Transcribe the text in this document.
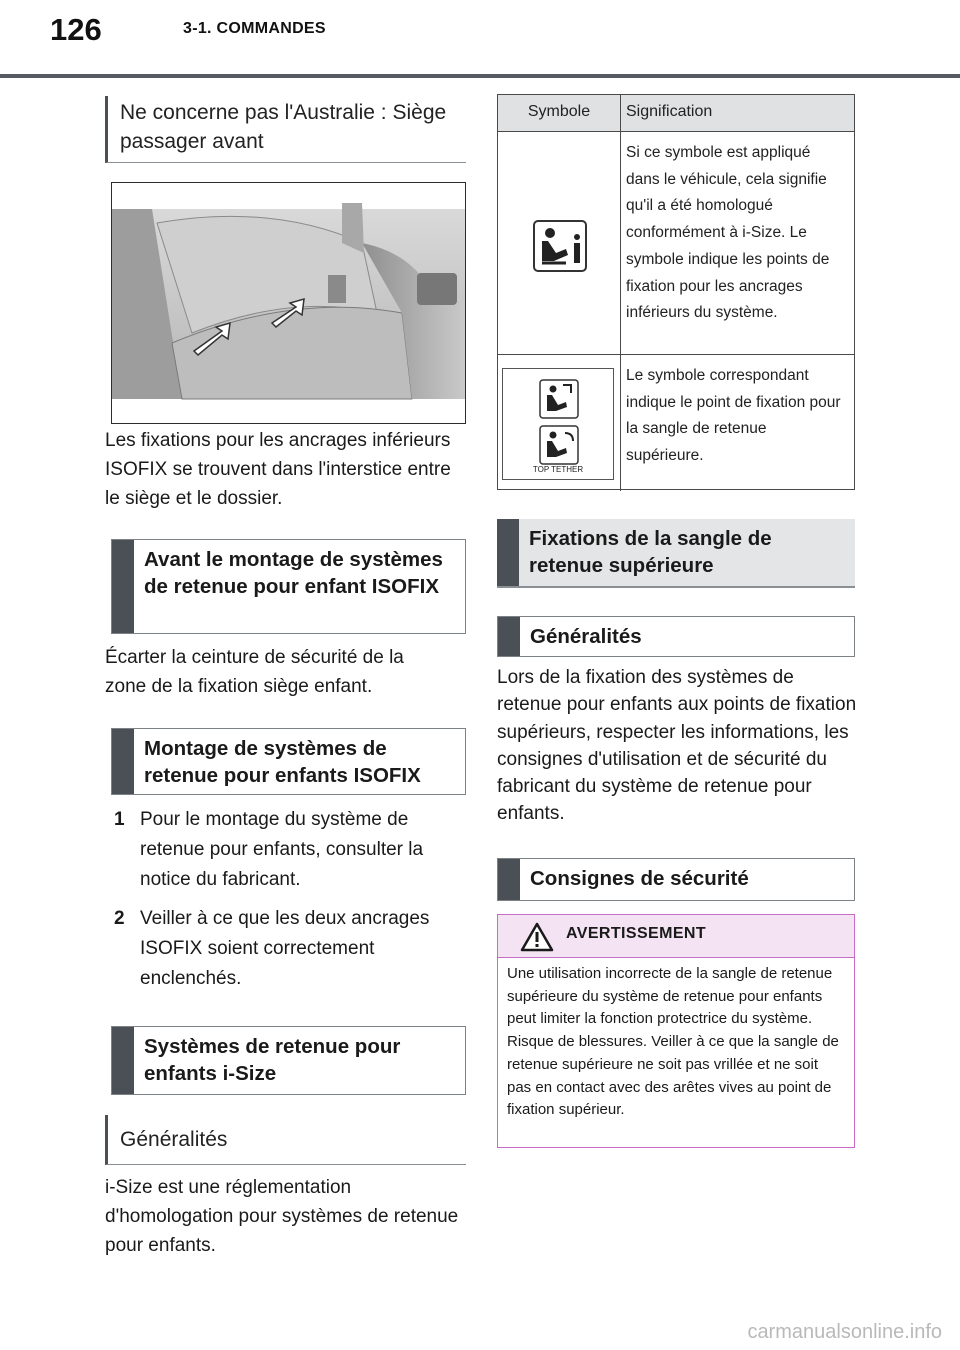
126	3-1. COMMANDES
Ne concerne pas l'Australie : Siège passager avant
Les fixations pour les ancrages inférieurs ISOFIX se trouvent dans l'interstice entre le siège et le dossier.
Avant le montage de systèmes de retenue pour enfant ISOFIX
Écarter la ceinture de sécurité de la zone de la fixation siège enfant.
Montage de systèmes de retenue pour enfants ISOFIX
1 Pour le montage du système de retenue pour enfants, consulter la notice du fabricant.
2 Veiller à ce que les deux ancrages ISOFIX soient correctement enclenchés.
Systèmes de retenue pour enfants i-Size
Généralités
i-Size est une réglementation d'homologation pour systèmes de retenue pour enfants.
Symbole	Signification
Si ce symbole est appliqué dans le véhicule, cela signifie qu'il a été homologué conformément à i-Size. Le symbole indique les points de fixation pour les ancrages inférieurs du système.
TOP TETHER
Le symbole correspondant indique le point de fixation pour la sangle de retenue supérieure.
Fixations de la sangle de retenue supérieure
Généralités
Lors de la fixation des systèmes de retenue pour enfants aux points de fixation supérieurs, respecter les informations, les consignes d'utilisation et de sécurité du fabricant du système de retenue pour enfants.
Consignes de sécurité
AVERTISSEMENT
Une utilisation incorrecte de la sangle de retenue supérieure du système de retenue pour enfants peut limiter la fonction protectrice du système. Risque de blessures. Veiller à ce que la sangle de retenue supérieure ne soit pas vrillée et ne soit pas en contact avec des arêtes vives au point de fixation supérieur.
carmanualsonline.info
